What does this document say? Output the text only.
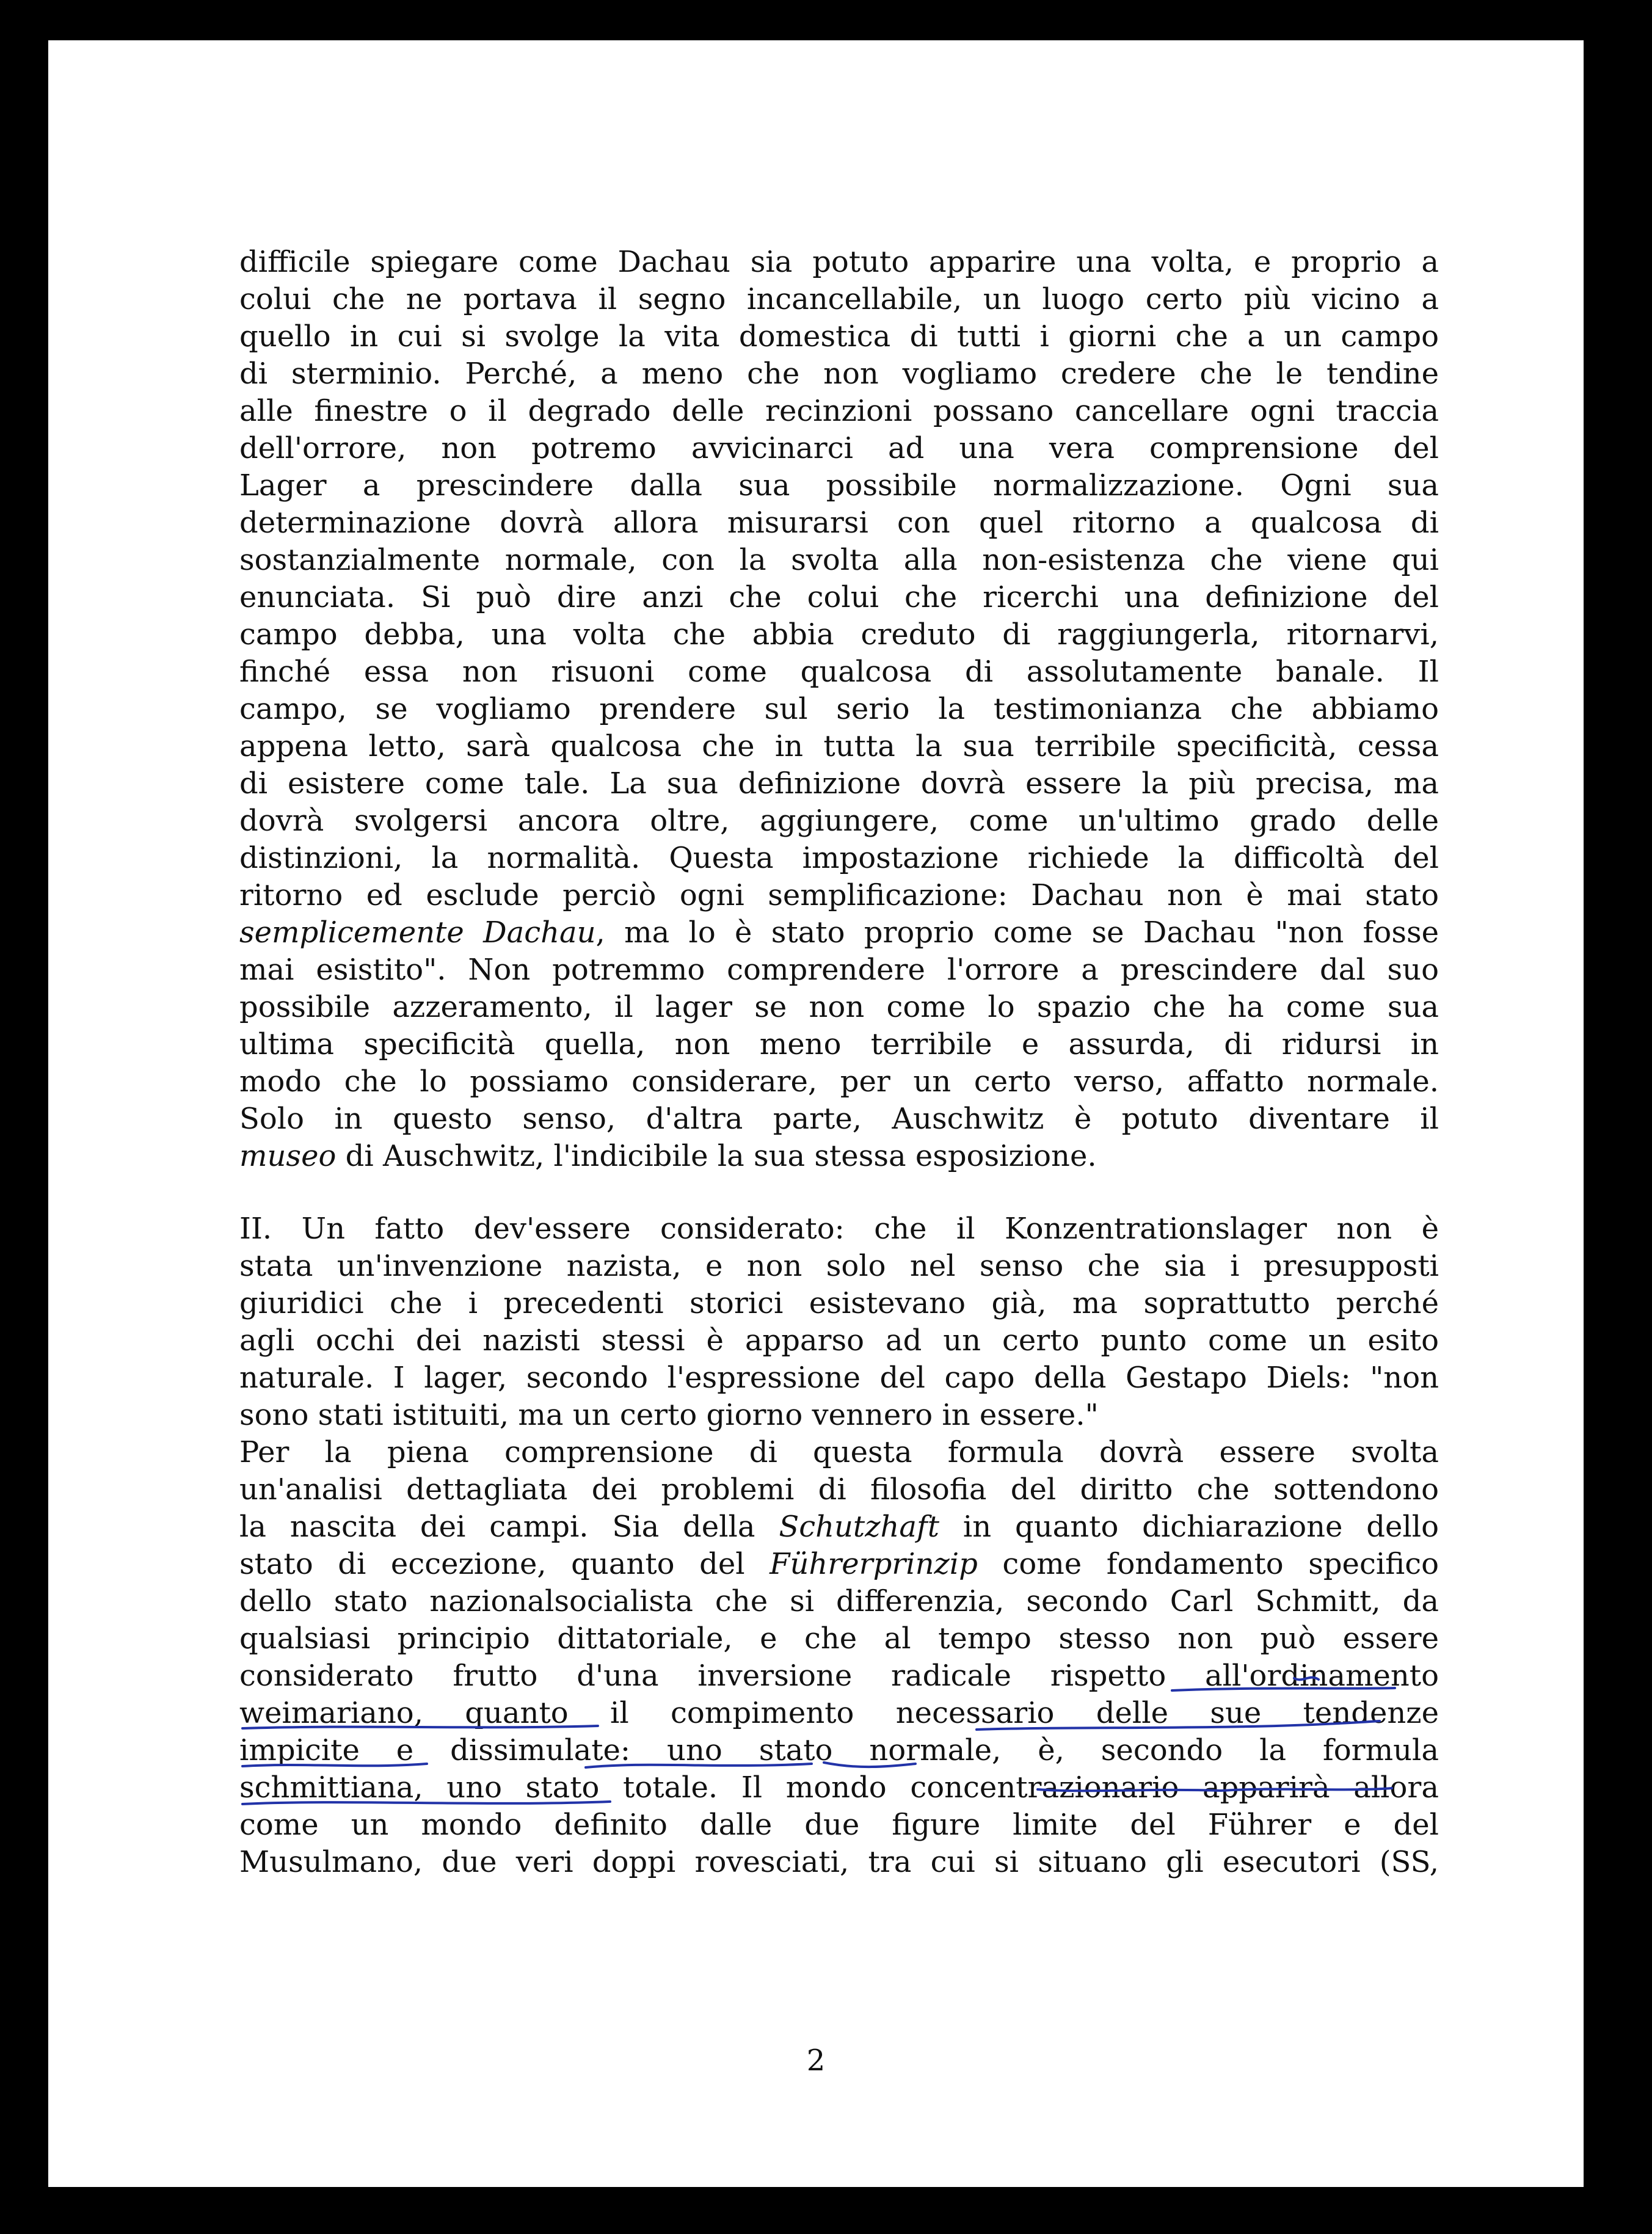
difficile spiegare come Dachau sia potuto apparire una volta, e proprio a
colui che ne portava il segno incancellabile, un luogo certo più vicino a
quello in cui si svolge la vita domestica di tutti i giorni che a un campo
di sterminio. Perché, a meno che non vogliamo credere che le tendine
alle finestre o il degrado delle recinzioni possano cancellare ogni traccia
dell'orrore, non potremo avvicinarci ad una vera comprensione del
Lager a prescindere dalla sua possibile normalizzazione. Ogni sua
determinazione dovrà allora misurarsi con quel ritorno a qualcosa di
sostanzialmente normale, con la svolta alla non-esistenza che viene qui
enunciata. Si può dire anzi che colui che ricerchi una definizione del
campo debba, una volta che abbia creduto di raggiungerla, ritornarvi,
finché essa non risuoni come qualcosa di assolutamente banale. Il
campo, se vogliamo prendere sul serio la testimonianza che abbiamo
appena letto, sarà qualcosa che in tutta la sua terribile specificità, cessa
di esistere come tale. La sua definizione dovrà essere la più precisa, ma
dovrà svolgersi ancora oltre, aggiungere, come un'ultimo grado delle
distinzioni, la normalità. Questa impostazione richiede la difficoltà del
ritorno ed esclude perciò ogni semplificazione: Dachau non è mai stato
semplicemente Dachau, ma lo è stato proprio come se Dachau "non fosse
mai esistito". Non potremmo comprendere l'orrore a prescindere dal suo
possibile azzeramento, il lager se non come lo spazio che ha come sua
ultima specificità quella, non meno terribile e assurda, di ridursi in
modo che lo possiamo considerare, per un certo verso, affatto normale.
Solo in questo senso, d'altra parte, Auschwitz è potuto diventare il
museo di Auschwitz, l'indicibile la sua stessa esposizione.
II. Un fatto dev'essere considerato: che il Konzentrationslager non è
stata un'invenzione nazista, e non solo nel senso che sia i presupposti
giuridici che i precedenti storici esistevano già, ma soprattutto perché
agli occhi dei nazisti stessi è apparso ad un certo punto come un esito
naturale. I lager, secondo l'espressione del capo della Gestapo Diels: "non
sono stati istituiti, ma un certo giorno vennero in essere."
Per la piena comprensione di questa formula dovrà essere svolta
un'analisi dettagliata dei problemi di filosofia del diritto che sottendono
la nascita dei campi. Sia della Schutzhaft in quanto dichiarazione dello
stato di eccezione, quanto del Führerprinzip come fondamento specifico
dello stato nazionalsocialista che si differenzia, secondo Carl Schmitt, da
qualsiasi principio dittatoriale, e che al tempo stesso non può essere
considerato frutto d'una inversione radicale rispetto all'ordinamento
weimariano, quanto il compimento necessario delle sue tendenze
impicite e dissimulate: uno stato normale, è, secondo la formula
schmittiana, uno stato totale. Il mondo concentrazionario apparirà allora
come un mondo definito dalle due figure limite del Führer e del
Musulmano, due veri doppi rovesciati, tra cui si situano gli esecutori (SS,
2
